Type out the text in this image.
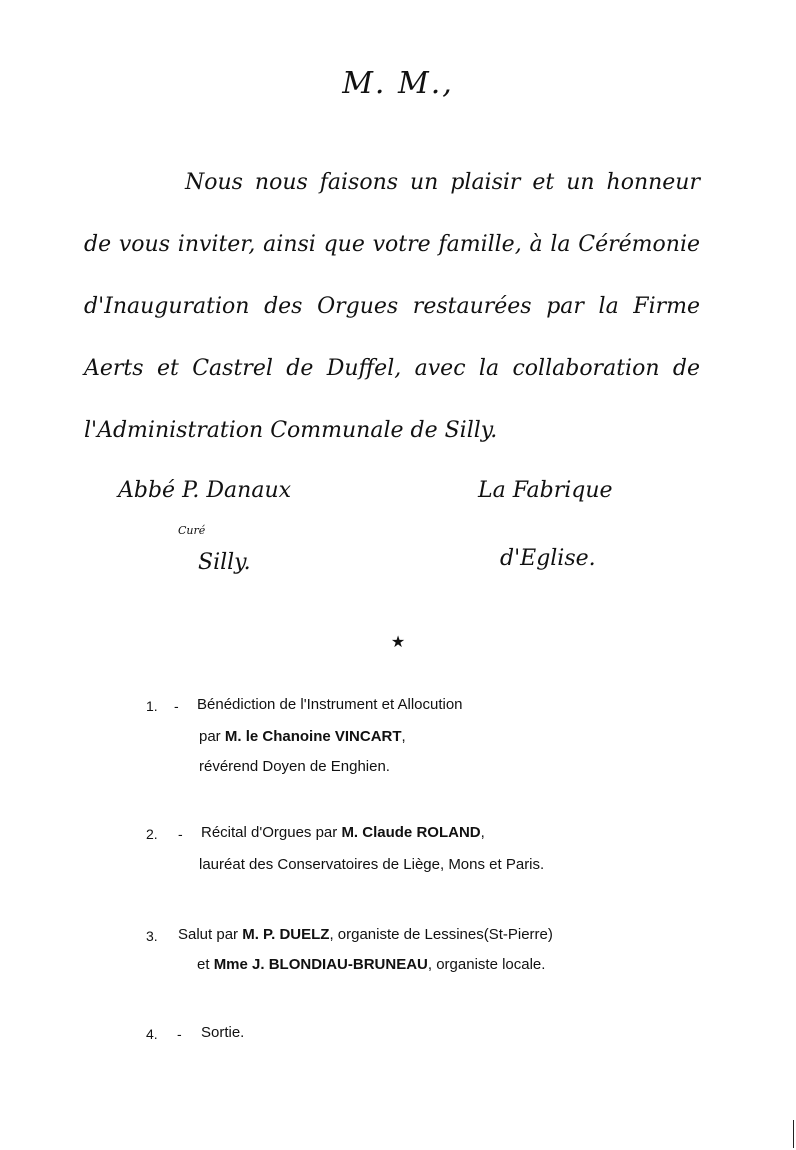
M. M.,
Nous nous faisons un plaisir et un honneur
de vous inviter, ainsi que votre famille, à la Cérémonie
d'Inauguration des Orgues restaurées par la Firme
Aerts et Castrel de Duffel, avec la collaboration de
l'Administration Communale de Silly.
Abbé P. Danaux
Curé
Silly.
La Fabrique
d'Eglise.
★
1. - Bénédiction de l'Instrument et Allocution
par M. le Chanoine VINCART,
révérend Doyen de Enghien.
2. - Récital d'Orgues par M. Claude ROLAND,
lauréat des Conservatoires de Liège, Mons et Paris.
3. Salut par M. P. DUELZ, organiste de Lessines(St-Pierre)
et Mme J. BLONDIAU-BRUNEAU, organiste locale.
4. - Sortie.
